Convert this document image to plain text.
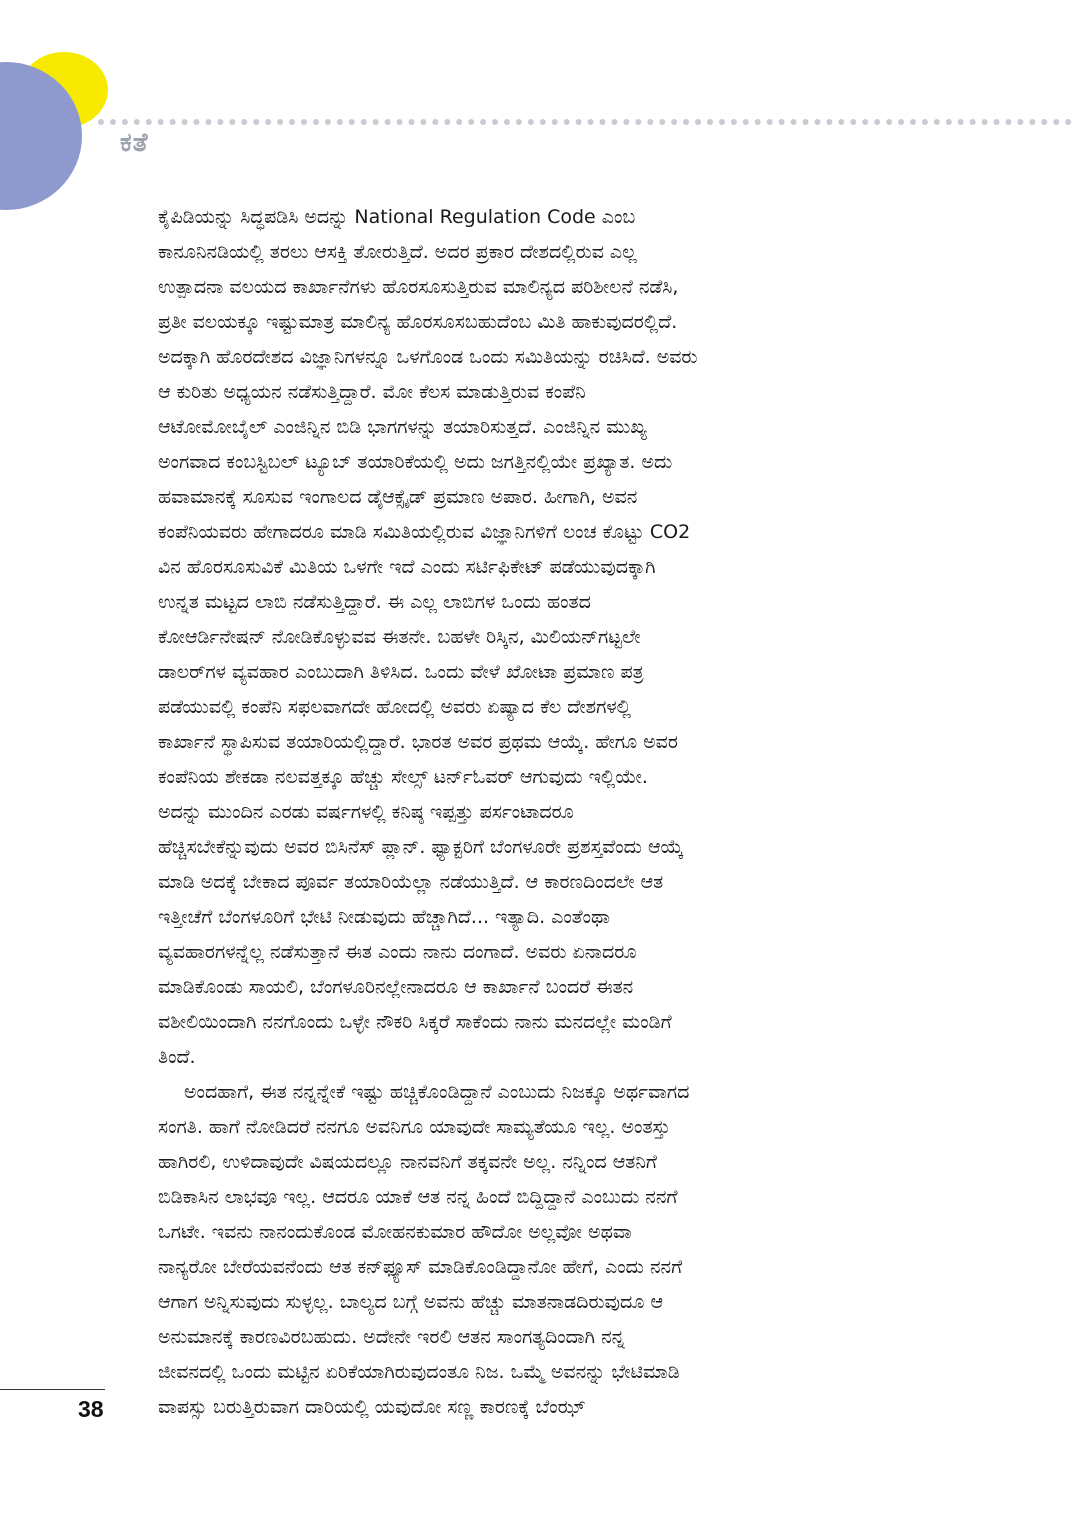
ಕತೆ
ಕೈಪಿಡಿಯನ್ನು ಸಿದ್ಧಪಡಿಸಿ ಅದನ್ನು National Regulation Code ಎಂಬ
ಕಾನೂನಿನಡಿಯಲ್ಲಿ ತರಲು ಆಸಕ್ತಿ ತೋರುತ್ತಿದೆ. ಅದರ ಪ್ರಕಾರ ದೇಶದಲ್ಲಿರುವ ಎಲ್ಲ
ಉತ್ಪಾದನಾ ವಲಯದ ಕಾರ್ಖಾನೆಗಳು ಹೊರಸೂಸುತ್ತಿರುವ ಮಾಲಿನ್ಯದ ಪರಿಶೀಲನೆ ನಡೆಸಿ,
ಪ್ರತೀ ವಲಯಕ್ಕೂ ಇಷ್ಟುಮಾತ್ರ ಮಾಲಿನ್ಯ ಹೊರಸೂಸಬಹುದೆಂಬ ಮಿತಿ ಹಾಕುವುದರಲ್ಲಿದೆ.
ಅದಕ್ಕಾಗಿ ಹೊರದೇಶದ ವಿಜ್ಞಾನಿಗಳನ್ನೂ ಒಳಗೊಂಡ ಒಂದು ಸಮಿತಿಯನ್ನು ರಚಿಸಿದೆ. ಅವರು
ಆ ಕುರಿತು ಅಧ್ಯಯನ ನಡೆಸುತ್ತಿದ್ದಾರೆ. ಮೋ ಕೆಲಸ ಮಾಡುತ್ತಿರುವ ಕಂಪೆನಿ
ಆಟೋಮೋಬೈಲ್ ಎಂಜಿನ್ನಿನ ಬಿಡಿ ಭಾಗಗಳನ್ನು ತಯಾರಿಸುತ್ತದೆ. ಎಂಜಿನ್ನಿನ ಮುಖ್ಯ
ಅಂಗವಾದ ಕಂಬಸ್ಟಿಬಲ್ ಟ್ಯೂಬ್ ತಯಾರಿಕೆಯಲ್ಲಿ ಅದು ಜಗತ್ತಿನಲ್ಲಿಯೇ ಪ್ರಖ್ಯಾತ. ಅದು
ಹವಾಮಾನಕ್ಕೆ ಸೂಸುವ ಇಂಗಾಲದ ಡೈಆಕ್ಸೈಡ್ ಪ್ರಮಾಣ ಅಪಾರ. ಹೀಗಾಗಿ, ಅವನ
ಕಂಪೆನಿಯವರು ಹೇಗಾದರೂ ಮಾಡಿ ಸಮಿತಿಯಲ್ಲಿರುವ ವಿಜ್ಞಾನಿಗಳಿಗೆ ಲಂಚ ಕೊಟ್ಟು CO2
ವಿನ ಹೊರಸೂಸುವಿಕೆ ಮಿತಿಯ ಒಳಗೇ ಇದೆ ಎಂದು ಸರ್ಟಿಫಿಕೇಟ್ ಪಡೆಯುವುದಕ್ಕಾಗಿ
ಉನ್ನತ ಮಟ್ಟದ ಲಾಬಿ ನಡೆಸುತ್ತಿದ್ದಾರೆ. ಈ ಎಲ್ಲ ಲಾಬಿಗಳ ಒಂದು ಹಂತದ
ಕೋಆರ್ಡಿನೇಷನ್ ನೋಡಿಕೊಳ್ಳುವವ ಈತನೇ. ಬಹಳೇ ರಿಸ್ಕಿನ, ಮಿಲಿಯನ್‌ಗಟ್ಟಲೇ
ಡಾಲರ್‌ಗಳ ವ್ಯವಹಾರ ಎಂಬುದಾಗಿ ತಿಳಿಸಿದ. ಒಂದು ವೇಳೆ ಖೋಟಾ ಪ್ರಮಾಣ ಪತ್ರ
ಪಡೆಯುವಲ್ಲಿ ಕಂಪೆನಿ ಸಫಲವಾಗದೇ ಹೋದಲ್ಲಿ ಅವರು ಏಷ್ಯಾದ ಕೆಲ ದೇಶಗಳಲ್ಲಿ
ಕಾರ್ಖಾನೆ ಸ್ಥಾಪಿಸುವ ತಯಾರಿಯಲ್ಲಿದ್ದಾರೆ. ಭಾರತ ಅವರ ಪ್ರಥಮ ಆಯ್ಕೆ. ಹೇಗೂ ಅವರ
ಕಂಪೆನಿಯ ಶೇಕಡಾ ನಲವತ್ತಕ್ಕೂ ಹೆಚ್ಚು ಸೇಲ್ಸ್ ಟರ್ನ್‌ಓವರ್ ಆಗುವುದು ಇಲ್ಲಿಯೇ.
ಅದನ್ನು ಮುಂದಿನ ಎರಡು ವರ್ಷಗಳಲ್ಲಿ ಕನಿಷ್ಠ ಇಪ್ಪತ್ತು ಪರ್ಸಂಟಾದರೂ
ಹೆಚ್ಚಿಸಬೇಕೆನ್ನುವುದು ಅವರ ಬಿಸಿನೆಸ್ ಪ್ಲಾನ್. ಫ್ಯಾಕ್ಟರಿಗೆ ಬೆಂಗಳೂರೇ ಪ್ರಶಸ್ತವೆಂದು ಆಯ್ಕೆ
ಮಾಡಿ ಅದಕ್ಕೆ ಬೇಕಾದ ಪೂರ್ವ ತಯಾರಿಯೆಲ್ಲಾ ನಡೆಯುತ್ತಿದೆ. ಆ ಕಾರಣದಿಂದಲೇ ಆತ
ಇತ್ತೀಚೆಗೆ ಬೆಂಗಳೂರಿಗೆ ಭೇಟಿ ನೀಡುವುದು ಹೆಚ್ಚಾಗಿದೆ... ಇತ್ಯಾದಿ. ಎಂತೆಂಥಾ
ವ್ಯವಹಾರಗಳನ್ನೆಲ್ಲ ನಡೆಸುತ್ತಾನೆ ಈತ ಎಂದು ನಾನು ದಂಗಾದೆ. ಅವರು ಏನಾದರೂ
ಮಾಡಿಕೊಂಡು ಸಾಯಲಿ, ಬೆಂಗಳೂರಿನಲ್ಲೇನಾದರೂ ಆ ಕಾರ್ಖಾನೆ ಬಂದರೆ ಈತನ
ವಶೀಲಿಯಿಂದಾಗಿ ನನಗೊಂದು ಒಳ್ಳೇ ನೌಕರಿ ಸಿಕ್ಕರೆ ಸಾಕೆಂದು ನಾನು ಮನದಲ್ಲೇ ಮಂಡಿಗೆ
ತಿಂದೆ.
ಅಂದಹಾಗೆ, ಈತ ನನ್ನನ್ನೇಕೆ ಇಷ್ಟು ಹಚ್ಚಿಕೊಂಡಿದ್ದಾನೆ ಎಂಬುದು ನಿಜಕ್ಕೂ ಅರ್ಥವಾಗದ
ಸಂಗತಿ. ಹಾಗೆ ನೋಡಿದರೆ ನನಗೂ ಅವನಿಗೂ ಯಾವುದೇ ಸಾಮ್ಯತೆಯೂ ಇಲ್ಲ. ಅಂತಸ್ತು
ಹಾಗಿರಲಿ, ಉಳಿದಾವುದೇ ವಿಷಯದಲ್ಲೂ ನಾನವನಿಗೆ ತಕ್ಕವನೇ ಅಲ್ಲ. ನನ್ನಿಂದ ಆತನಿಗೆ
ಬಿಡಿಕಾಸಿನ ಲಾಭವೂ ಇಲ್ಲ. ಆದರೂ ಯಾಕೆ ಆತ ನನ್ನ ಹಿಂದೆ ಬಿದ್ದಿದ್ದಾನೆ ಎಂಬುದು ನನಗೆ
ಒಗಟೇ. ಇವನು ನಾನಂದುಕೊಂಡ ಮೋಹನಕುಮಾರ ಹೌದೋ ಅಲ್ಲವೋ ಅಥವಾ
ನಾನ್ಯರೋ ಬೇರೆಯವನೆಂದು ಆತ ಕನ್‌ಫ್ಯೂಸ್ ಮಾಡಿಕೊಂಡಿದ್ದಾನೋ ಹೇಗೆ, ಎಂದು ನನಗೆ
ಆಗಾಗ ಅನ್ನಿಸುವುದು ಸುಳ್ಳಲ್ಲ. ಬಾಲ್ಯದ ಬಗ್ಗೆ ಅವನು ಹೆಚ್ಚು ಮಾತನಾಡದಿರುವುದೂ ಆ
ಅನುಮಾನಕ್ಕೆ ಕಾರಣವಿರಬಹುದು. ಅದೇನೇ ಇರಲಿ ಆತನ ಸಾಂಗತ್ಯದಿಂದಾಗಿ ನನ್ನ
ಜೀವನದಲ್ಲಿ ಒಂದು ಮಟ್ಟಿನ ಏರಿಕೆಯಾಗಿರುವುದಂತೂ ನಿಜ. ಒಮ್ಮೆ ಅವನನ್ನು ಭೇಟಿಮಾಡಿ
ವಾಪಸ್ಸು ಬರುತ್ತಿರುವಾಗ ದಾರಿಯಲ್ಲಿ ಯವುದೋ ಸಣ್ಣ ಕಾರಣಕ್ಕೆ ಬೆಂಝ್
38
